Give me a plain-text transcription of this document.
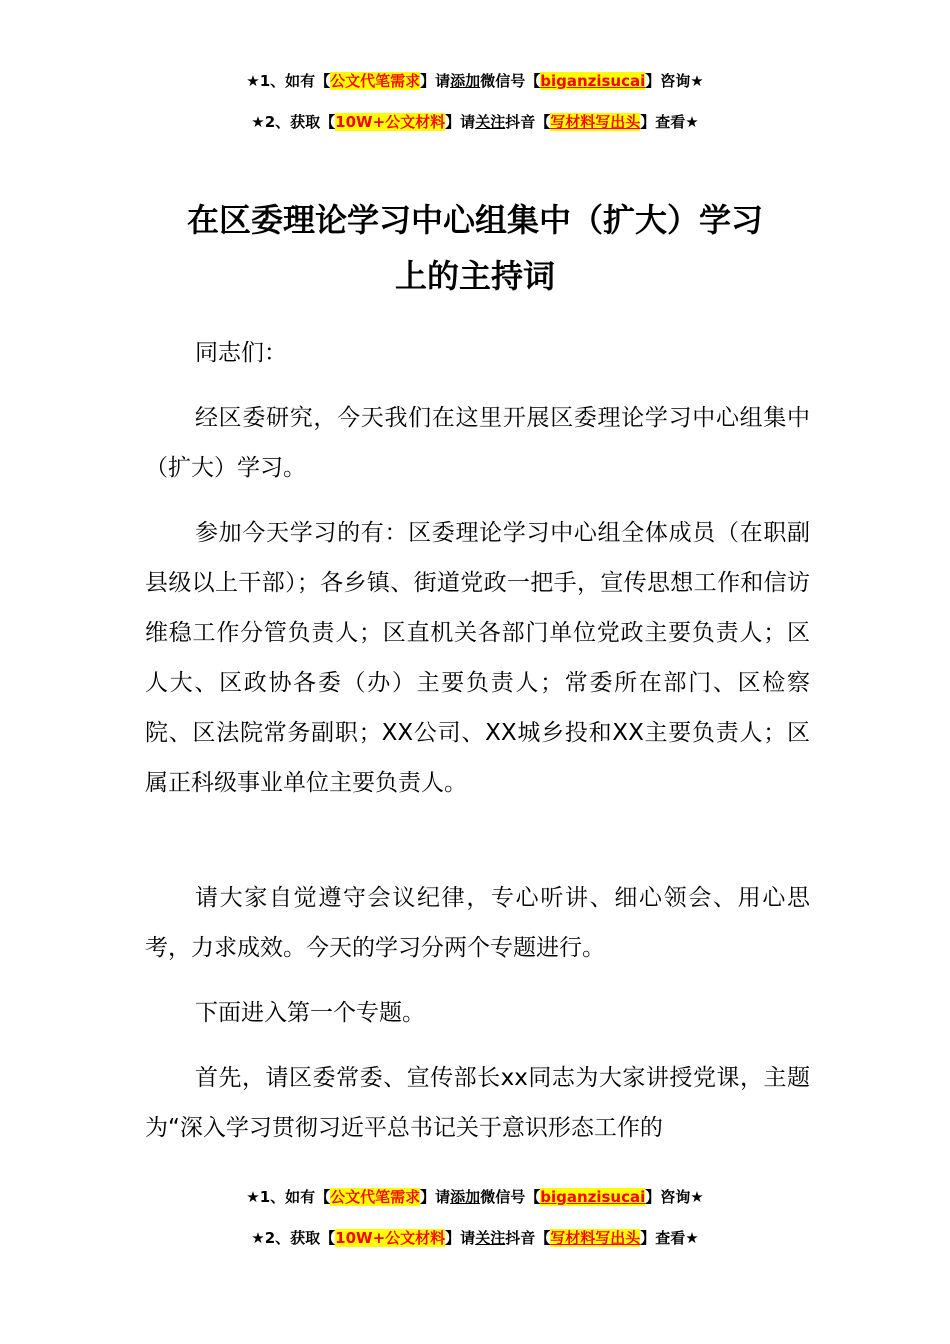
★1、如有【公文代笔需求】请添加微信号【biganzisucai】咨询★
★2、获取【10W+公文材料】请关注抖音【写材料写出头】查看★
在区委理论学习中心组集中（扩大）学习
上的主持词

同志们：

经区委研究，今天我们在这里开展区委理论学习中心组集中（扩大）学习。

参加今天学习的有：区委理论学习中心组全体成员（在职副县级以上干部）；各乡镇、街道党政一把手，宣传思想工作和信访维稳工作分管负责人；区直机关各部门单位党政主要负责人；区人大、区政协各委（办）主要负责人；常委所在部门、区检察院、区法院常务副职；XX公司、XX城乡投和XX主要负责人；区属正科级事业单位主要负责人。

请大家自觉遵守会议纪律，专心听讲、细心领会、用心思考，力求成效。今天的学习分两个专题进行。

下面进入第一个专题。

首先，请区委常委、宣传部长xx同志为大家讲授党课，主题为“深入学习贯彻习近平总书记关于意识形态工作的

★1、如有【公文代笔需求】请添加微信号【biganzisucai】咨询★
★2、获取【10W+公文材料】请关注抖音【写材料写出头】查看★
